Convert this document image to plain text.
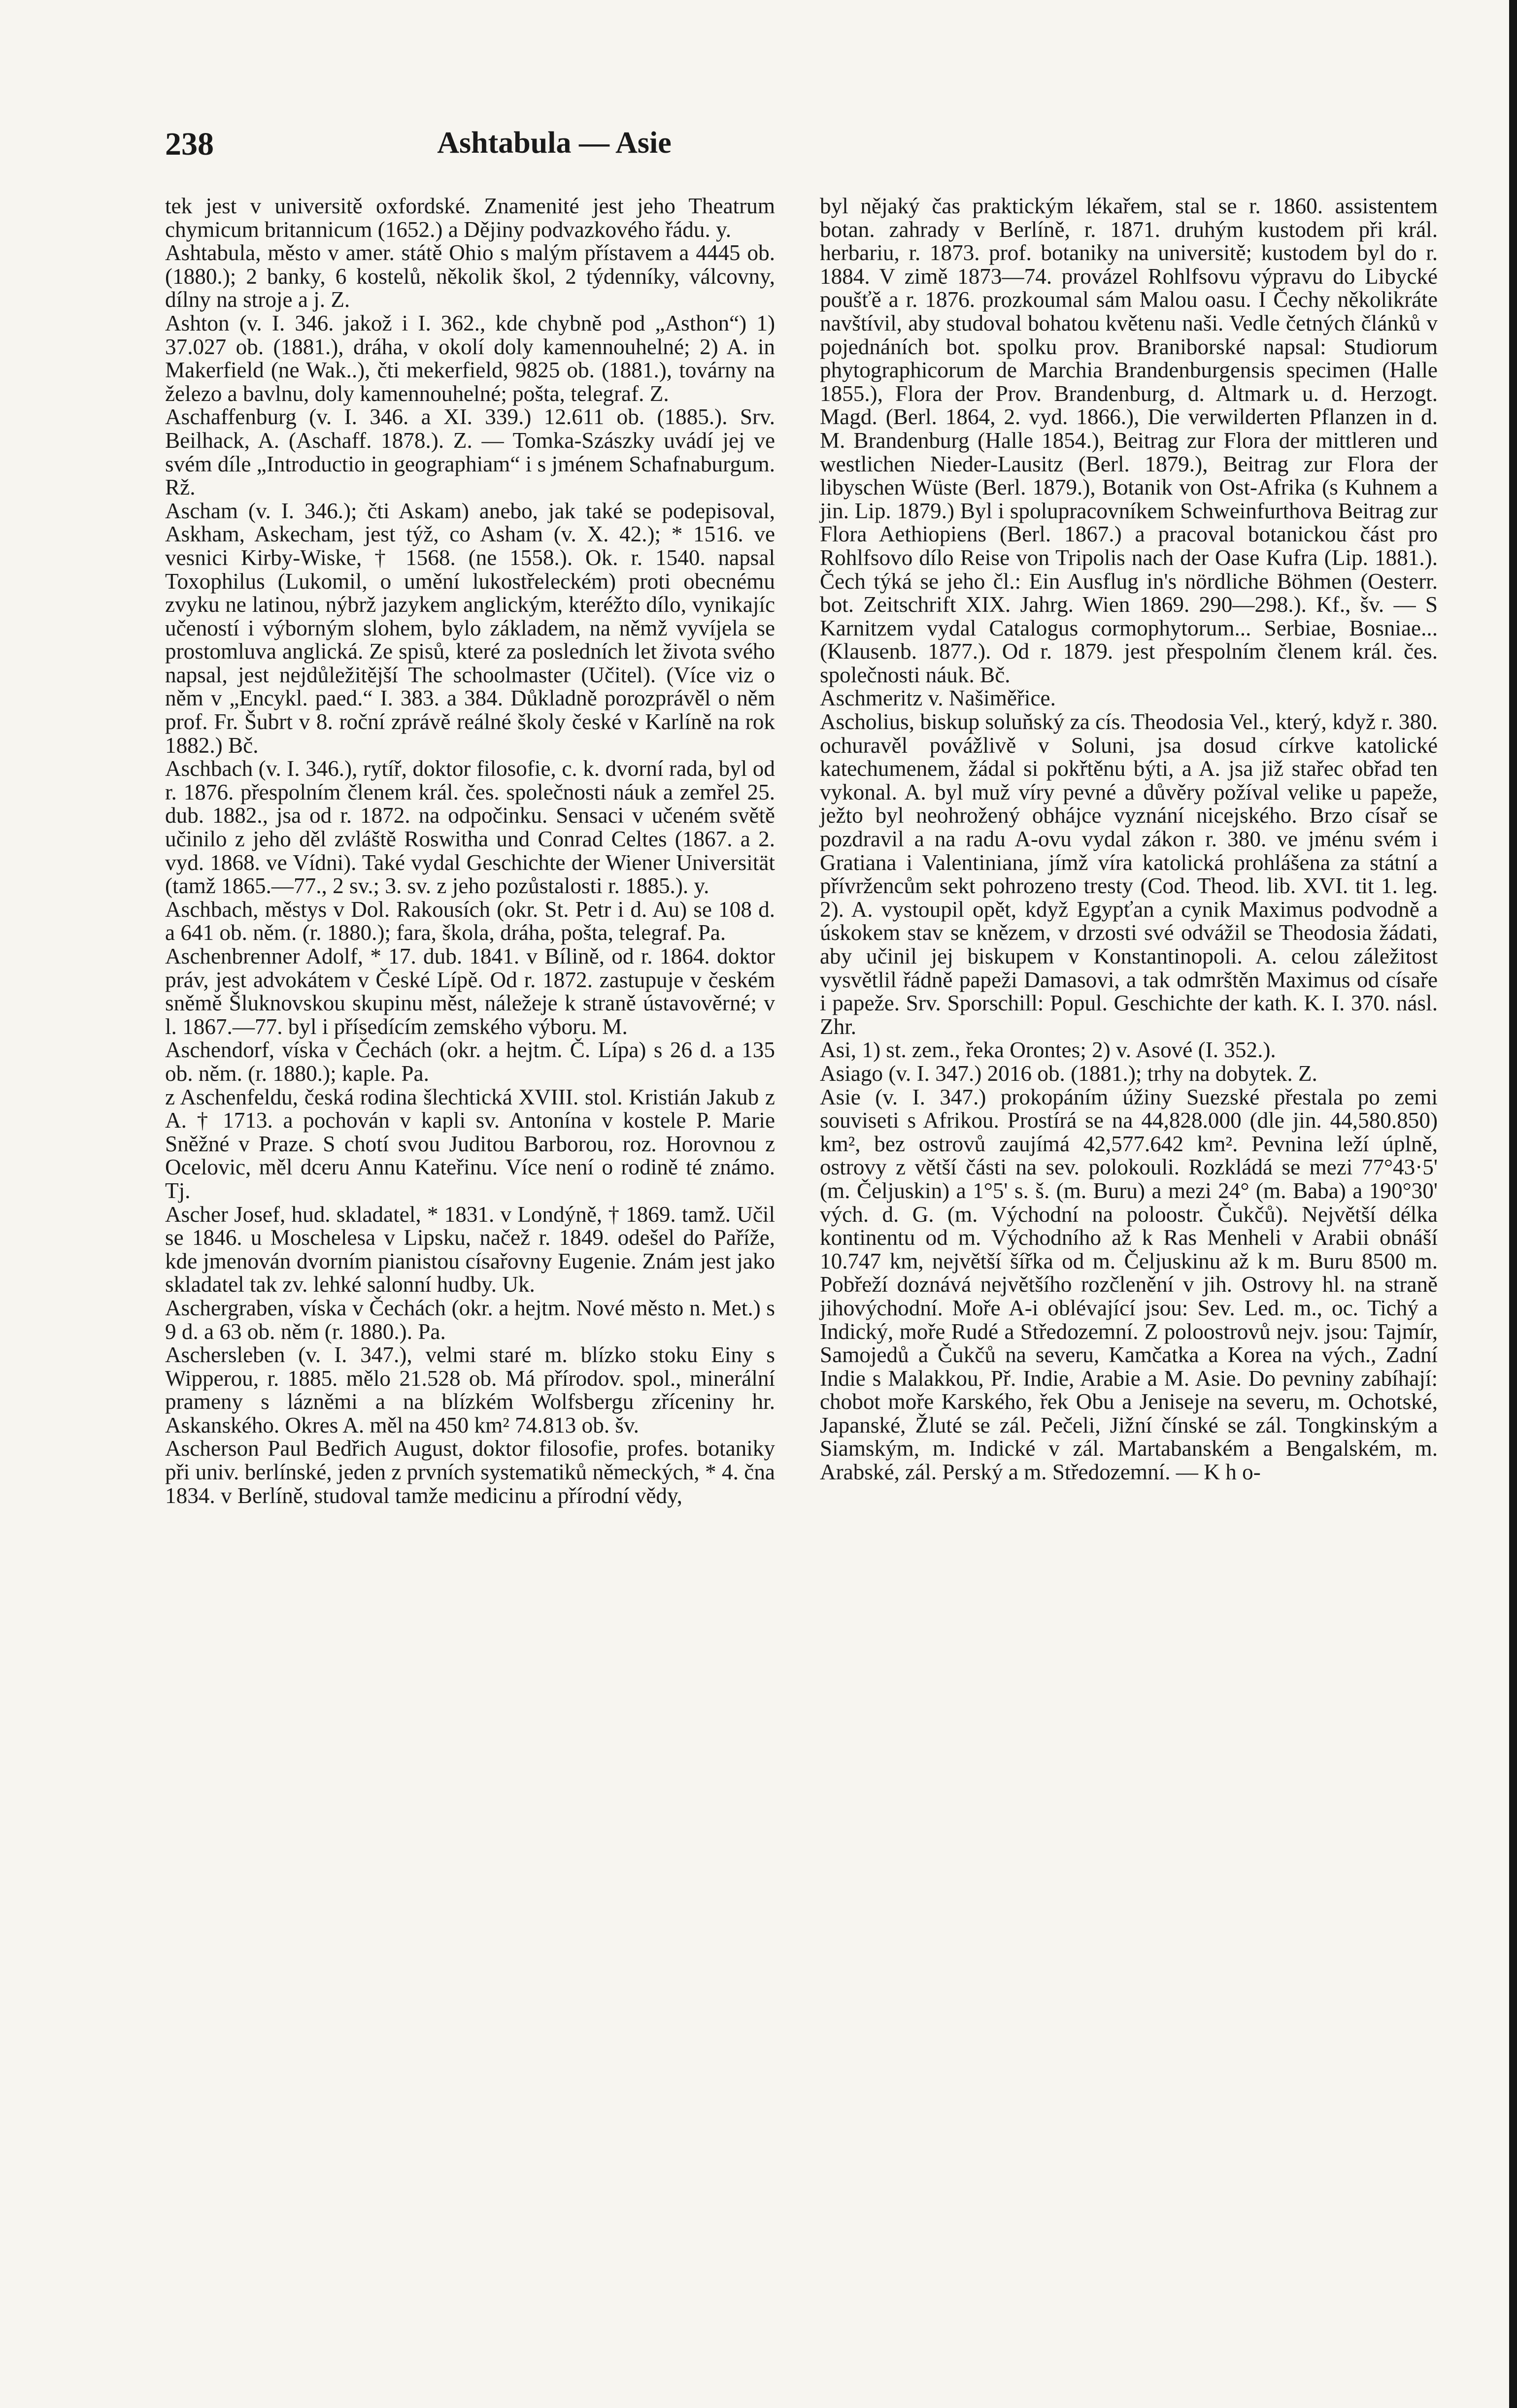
238	Ashtabula — Asie

tek jest v universitě oxfordské. Znamenité jest jeho Theatrum chymicum britannicum (1652.) a Dějiny podvazkového řádu. y.

Ashtabula, město v amer. státě Ohio s malým přístavem a 4445 ob. (1880.); 2 banky, 6 kostelů, několik škol, 2 týdenníky, válcovny, dílny na stroje a j. Z.

Ashton (v. I. 346. jakož i I. 362., kde chybně pod „Asthon“) 1) 37.027 ob. (1881.), dráha, v okolí doly kamennouhelné; 2) A. in Makerfield (ne Wak..), čti mekerfield, 9825 ob. (1881.), továrny na železo a bavlnu, doly kamennouhelné; pošta, telegraf. Z.

Aschaffenburg (v. I. 346. a XI. 339.) 12.611 ob. (1885.). Srv. Beilhack, A. (Aschaff. 1878.). Z. — Tomka-Szászky uvádí jej ve svém díle „Introductio in geographiam“ i s jménem Schafnaburgum. Rž.

Ascham (v. I. 346.); čti Askam) anebo, jak také se podepisoval, Askham, Askecham, jest týž, co Asham (v. X. 42.); * 1516. ve vesnici Kirby-Wiske, † 1568. (ne 1558.). Ok. r. 1540. napsal Toxophilus (Lukomil, o umění lukostřeleckém) proti obecnému zvyku ne latinou, nýbrž jazykem anglickým, kteréžto dílo, vynikajíc učeností i výborným slohem, bylo základem, na němž vyvíjela se prostomluva anglická. Ze spisů, které za posledních let života svého napsal, jest nejdůležitější The schoolmaster (Učitel). (Více viz o něm v „Encykl. paed.“ I. 383. a 384. Důkladně porozprávěl o něm prof. Fr. Šubrt v 8. roční zprávě reálné školy české v Karlíně na rok 1882.) Bč.

Aschbach (v. I. 346.), rytíř, doktor filosofie, c. k. dvorní rada, byl od r. 1876. přespolním členem král. čes. společnosti náuk a zemřel 25. dub. 1882., jsa od r. 1872. na odpočinku. Sensaci v učeném světě učinilo z jeho děl zvláště Roswitha und Conrad Celtes (1867. a 2. vyd. 1868. ve Vídni). Také vydal Geschichte der Wiener Universität (tamž 1865.—77., 2 sv.; 3. sv. z jeho pozůstalosti r. 1885.). y.

Aschbach, městys v Dol. Rakousích (okr. St. Petr i d. Au) se 108 d. a 641 ob. něm. (r. 1880.); fara, škola, dráha, pošta, telegraf. Pa.

Aschenbrenner Adolf, * 17. dub. 1841. v Bílině, od r. 1864. doktor práv, jest advokátem v České Lípě. Od r. 1872. zastupuje v českém sněmě Šluknovskou skupinu měst, náležeje k straně ústavověrné; v l. 1867.—77. byl i přísedícím zemského výboru. M.

Aschendorf, víska v Čechách (okr. a hejtm. Č. Lípa) s 26 d. a 135 ob. něm. (r. 1880.); kaple. Pa.

z Aschenfeldu, česká rodina šlechtická XVIII. stol. Kristián Jakub z A. † 1713. a pochován v kapli sv. Antonína v kostele P. Marie Sněžné v Praze. S chotí svou Juditou Barborou, roz. Horovnou z Ocelovic, měl dceru Annu Kateřinu. Více není o rodině té známo. Tj.

Ascher Josef, hud. skladatel, * 1831. v Londýně, † 1869. tamž. Učil se 1846. u Moschelesa v Lipsku, načež r. 1849. odešel do Paříže, kde jmenován dvorním pianistou císařovny Eugenie. Znám jest jako skladatel tak zv. lehké salonní hudby. Uk.

Aschergraben, víska v Čechách (okr. a hejtm. Nové město n. Met.) s 9 d. a 63 ob. něm (r. 1880.). Pa.

Aschersleben (v. I. 347.), velmi staré m. blízko stoku Einy s Wipperou, r. 1885. mělo 21.528 ob. Má přírodov. spol., minerální prameny s lázněmi a na blízkém Wolfsbergu zříceniny hr. Askanského. Okres A. měl na 450 km² 74.813 ob. šv.

Ascherson Paul Bedřich August, doktor filosofie, profes. botaniky při univ. berlínské, jeden z prvních systematiků německých, * 4. čna 1834. v Berlíně, studoval tamže medicinu a přírodní vědy,

byl nějaký čas praktickým lékařem, stal se r. 1860. assistentem botan. zahrady v Berlíně, r. 1871. druhým kustodem při král. herbariu, r. 1873. prof. botaniky na universitě; kustodem byl do r. 1884. V zimě 1873—74. provázel Rohlfsovu výpravu do Libycké poušťě a r. 1876. prozkoumal sám Malou oasu. I Čechy několikráte navštívil, aby studoval bohatou květenu naši. Vedle četných článků v pojednáních bot. spolku prov. Braniborské napsal: Studiorum phytographicorum de Marchia Brandenburgensis specimen (Halle 1855.), Flora der Prov. Brandenburg, d. Altmark u. d. Herzogt. Magd. (Berl. 1864, 2. vyd. 1866.), Die verwilderten Pflanzen in d. M. Brandenburg (Halle 1854.), Beitrag zur Flora der mittleren und westlichen Nieder-Lausitz (Berl. 1879.), Beitrag zur Flora der libyschen Wüste (Berl. 1879.), Botanik von Ost-Afrika (s Kuhnem a jin. Lip. 1879.) Byl i spolupracovníkem Schweinfurthova Beitrag zur Flora Aethiopiens (Berl. 1867.) a pracoval botanickou část pro Rohlfsovo dílo Reise von Tripolis nach der Oase Kufra (Lip. 1881.). Čech týká se jeho čl.: Ein Ausflug in's nördliche Böhmen (Oesterr. bot. Zeitschrift XIX. Jahrg. Wien 1869. 290—298.). Kf., šv. — S Karnitzem vydal Catalogus cormophytorum... Serbiae, Bosniae... (Klausenb. 1877.). Od r. 1879. jest přespolním členem král. čes. společnosti náuk. Bč.

Aschmeritz v. Našiměřice.

Ascholius, biskup soluňský za cís. Theodosia Vel., který, když r. 380. ochuravěl povážlivě v Soluni, jsa dosud církve katolické katechumenem, žádal si pokřtěnu býti, a A. jsa již stařec obřad ten vykonal. A. byl muž víry pevné a důvěry požíval velike u papeže, ježto byl neohrožený obhájce vyznání nicejského. Brzo císař se pozdravil a na radu A-ovu vydal zákon r. 380. ve jménu svém i Gratiana i Valentiniana, jímž víra katolická prohlášena za státní a přívržencům sekt pohrozeno tresty (Cod. Theod. lib. XVI. tit 1. leg. 2). A. vystoupil opět, když Egypťan a cynik Maximus podvodně a úskokem stav se knězem, v drzosti své odvážil se Theodosia žádati, aby učinil jej biskupem v Konstantinopoli. A. celou záležitost vysvětlil řádně papeži Damasovi, a tak odmrštěn Maximus od císaře i papeže. Srv. Sporschill: Popul. Geschichte der kath. K. I. 370. násl. Zhr.

Asi, 1) st. zem., řeka Orontes; 2) v. Asové (I. 352.).

Asiago (v. I. 347.) 2016 ob. (1881.); trhy na dobytek. Z.

Asie (v. I. 347.) prokopáním úžiny Suezské přestala po zemi souviseti s Afrikou. Prostírá se na 44,828.000 (dle jin. 44,580.850) km², bez ostrovů zaujímá 42,577.642 km². Pevnina leží úplně, ostrovy z větší části na sev. polokouli. Rozkládá se mezi 77°43·5' (m. Čeljuskin) a 1°5' s. š. (m. Buru) a mezi 24° (m. Baba) a 190°30' vých. d. G. (m. Východní na poloostr. Čukčů). Největší délka kontinentu od m. Východního až k Ras Menheli v Arabii obnáší 10.747 km, největší šířka od m. Čeljuskinu až k m. Buru 8500 m. Pobřeží doznává největšího rozčlenění v jih. Ostrovy hl. na straně jihovýchodní. Moře A-i oblévající jsou: Sev. Led. m., oc. Tichý a Indický, moře Rudé a Středozemní. Z poloostrovů nejv. jsou: Tajmír, Samojedů a Čukčů na severu, Kamčatka a Korea na vých., Zadní Indie s Malakkou, Př. Indie, Arabie a M. Asie. Do pevniny zabíhají: chobot moře Karského, řek Obu a Jeniseje na severu, m. Ochotské, Japanské, Žluté se zál. Pečeli, Jižní čínské se zál. Tongkinským a Siamským, m. Indické v zál. Martabanském a Bengalském, m. Arabské, zál. Perský a m. Středozemní. — K h o-
